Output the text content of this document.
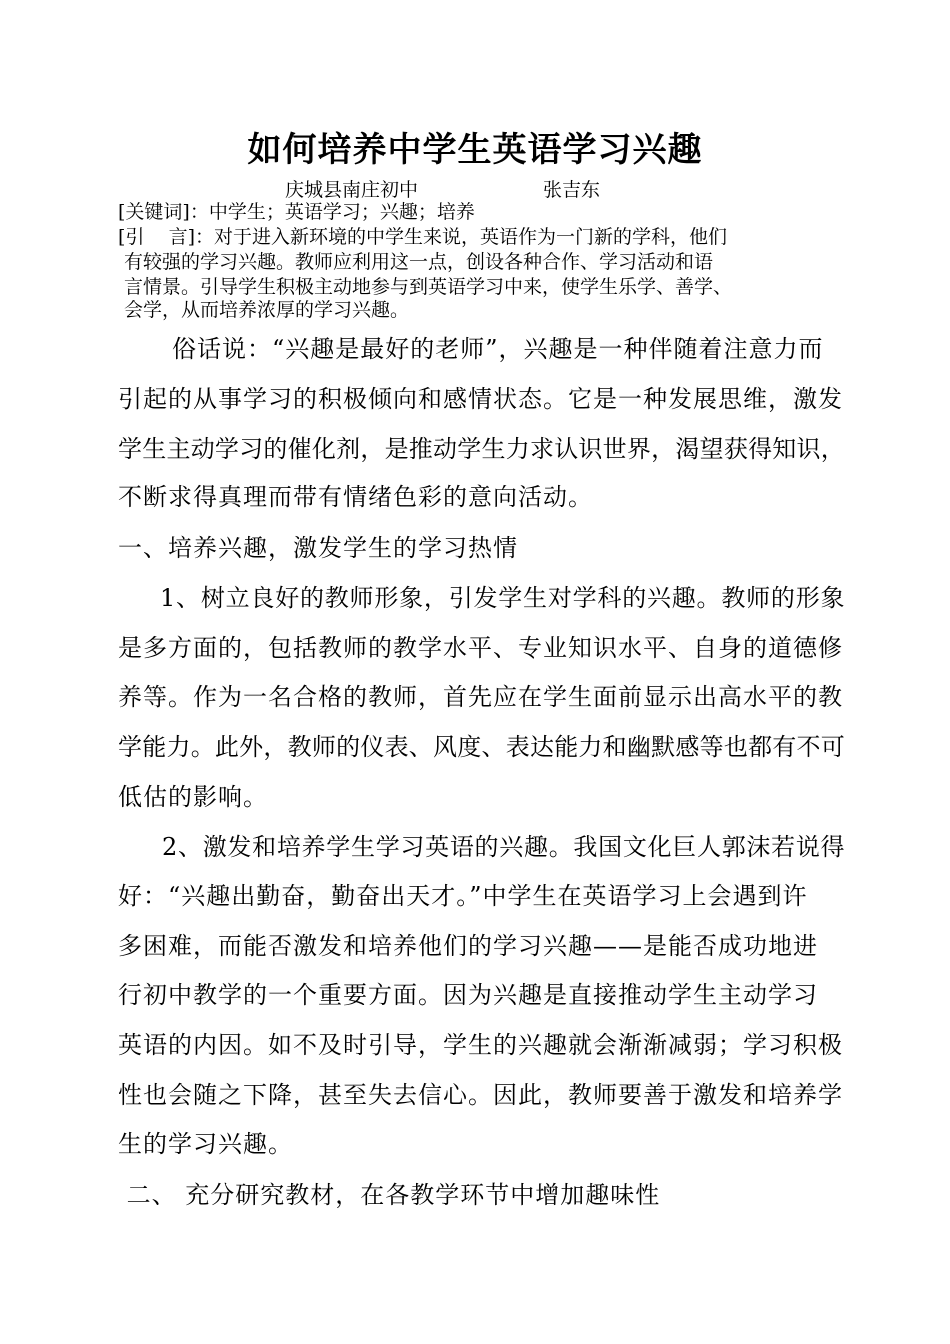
如何培养中学生英语学习兴趣
庆城县南庄初中	张吉东
[关键词]：中学生；英语学习；兴趣；培养
[引    言]：对于进入新环境的中学生来说，英语作为一门新的学科，他们
有较强的学习兴趣。教师应利用这一点，创设各种合作、学习活动和语
言情景。引导学生积极主动地参与到英语学习中来，使学生乐学、善学、
会学，从而培养浓厚的学习兴趣。
俗话说：“兴趣是最好的老师”，兴趣是一种伴随着注意力而
引起的从事学习的积极倾向和感情状态。它是一种发展思维，激发
学生主动学习的催化剂，是推动学生力求认识世界，渴望获得知识，
不断求得真理而带有情绪色彩的意向活动。
一、培养兴趣，激发学生的学习热情
1、树立良好的教师形象，引发学生对学科的兴趣。教师的形象
是多方面的，包括教师的教学水平、专业知识水平、自身的道德修
养等。作为一名合格的教师，首先应在学生面前显示出高水平的教
学能力。此外，教师的仪表、风度、表达能力和幽默感等也都有不可
低估的影响。
2、激发和培养学生学习英语的兴趣。我国文化巨人郭沫若说得
好：“兴趣出勤奋，勤奋出天才。”中学生在英语学习上会遇到许
多困难，而能否激发和培养他们的学习兴趣——是能否成功地进
行初中教学的一个重要方面。因为兴趣是直接推动学生主动学习
英语的内因。如不及时引导，学生的兴趣就会渐渐减弱；学习积极
性也会随之下降，甚至失去信心。因此，教师要善于激发和培养学
生的学习兴趣。
二、 充分研究教材，在各教学环节中增加趣味性
